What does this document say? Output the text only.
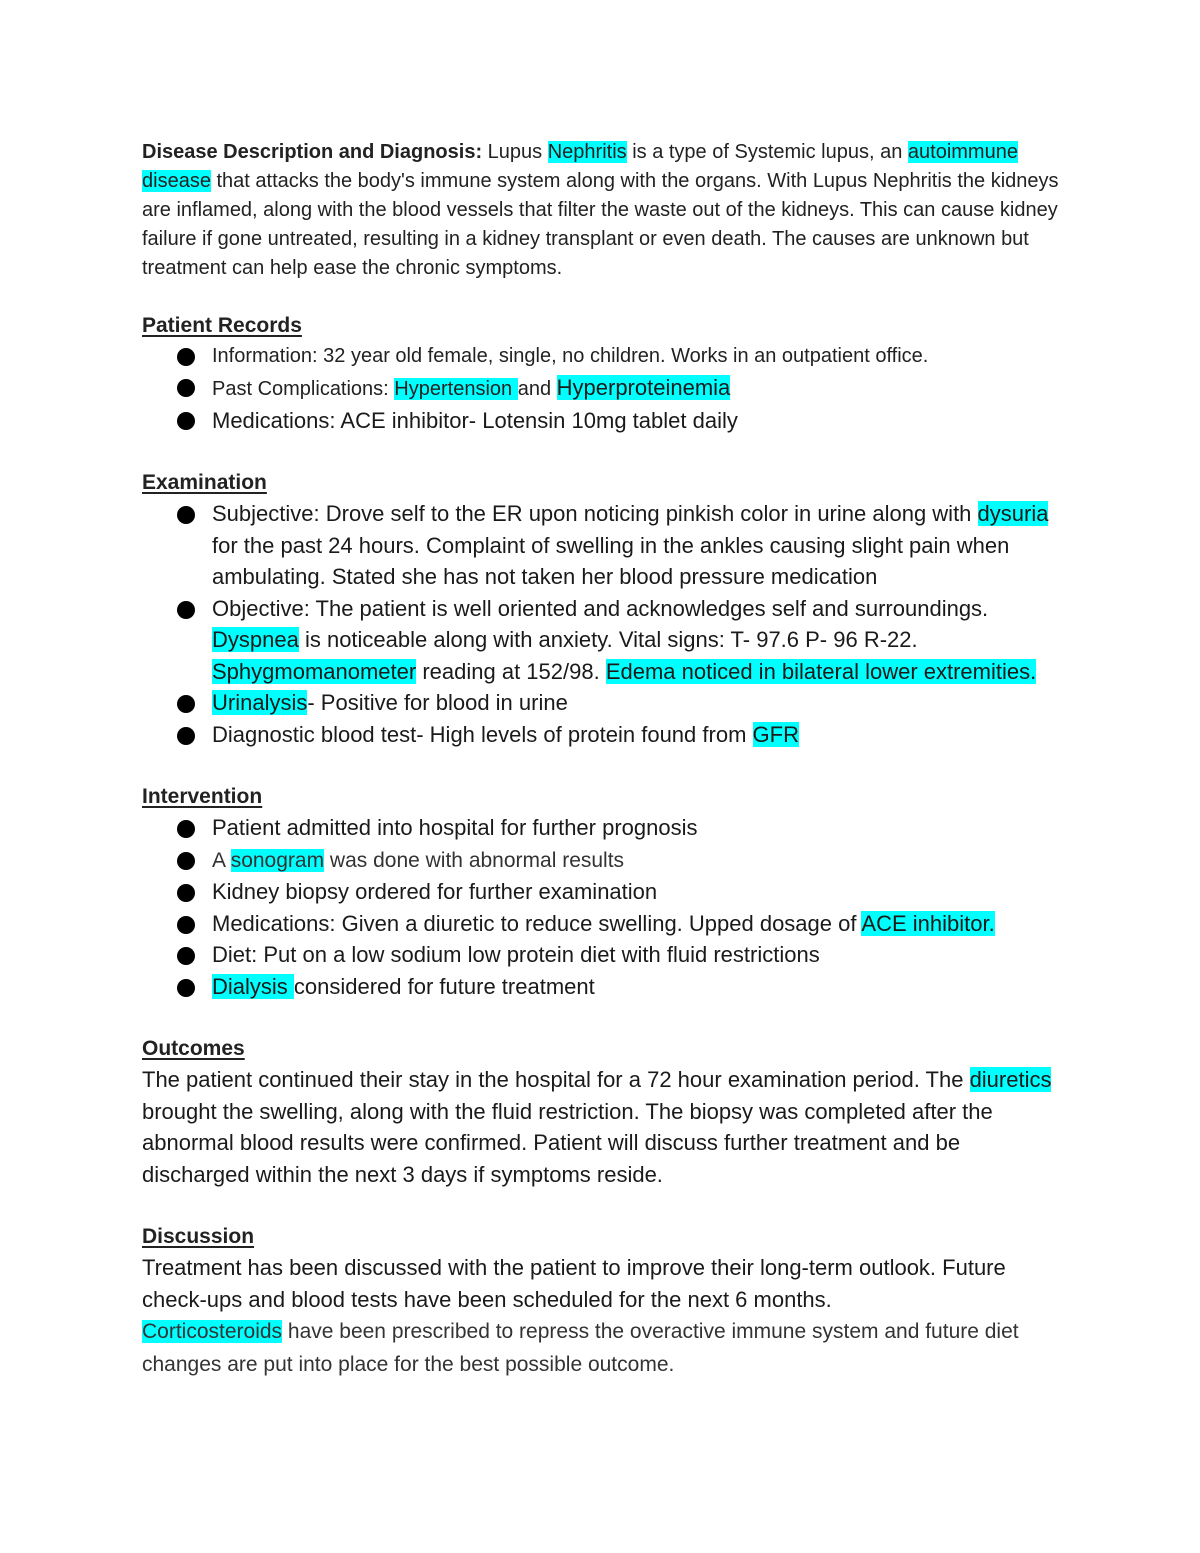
Disease Description and Diagnosis: Lupus Nephritis is a type of Systemic lupus, an autoimmune disease that attacks the body's immune system along with the organs. With Lupus Nephritis the kidneys are inflamed, along with the blood vessels that filter the waste out of the kidneys. This can cause kidney failure if gone untreated, resulting in a kidney transplant or even death. The causes are unknown but treatment can help ease the chronic symptoms.

Patient Records
Information: 32 year old female, single, no children. Works in an outpatient office.
Past Complications: Hypertension and Hyperproteinemia
Medications: ACE inhibitor- Lotensin 10mg tablet daily
Examination
Subjective: Drove self to the ER upon noticing pinkish color in urine along with dysuria for the past 24 hours. Complaint of swelling in the ankles causing slight pain when ambulating. Stated she has not taken her blood pressure medication
Objective: The patient is well oriented and acknowledges self and surroundings. Dyspnea is noticeable along with anxiety. Vital signs: T- 97.6 P- 96 R-22. Sphygmomanometer reading at 152/98. Edema noticed in bilateral lower extremities.
Urinalysis- Positive for blood in urine
Diagnostic blood test- High levels of protein found from GFR
Intervention
Patient admitted into hospital for further prognosis
A sonogram was done with abnormal results
Kidney biopsy ordered for further examination
Medications: Given a diuretic to reduce swelling. Upped dosage of ACE inhibitor.
Diet: Put on a low sodium low protein diet with fluid restrictions
Dialysis considered for future treatment
Outcomes

The patient continued their stay in the hospital for a 72 hour examination period. The diuretics brought the swelling, along with the fluid restriction. The biopsy was completed after the abnormal blood results were confirmed. Patient will discuss further treatment and be discharged within the next 3 days if symptoms reside.

Discussion

Treatment has been discussed with the patient to improve their long-term outlook. Future check-ups and blood tests have been scheduled for the next 6 months.
Corticosteroids have been prescribed to repress the overactive immune system and future diet changes are put into place for the best possible outcome.
